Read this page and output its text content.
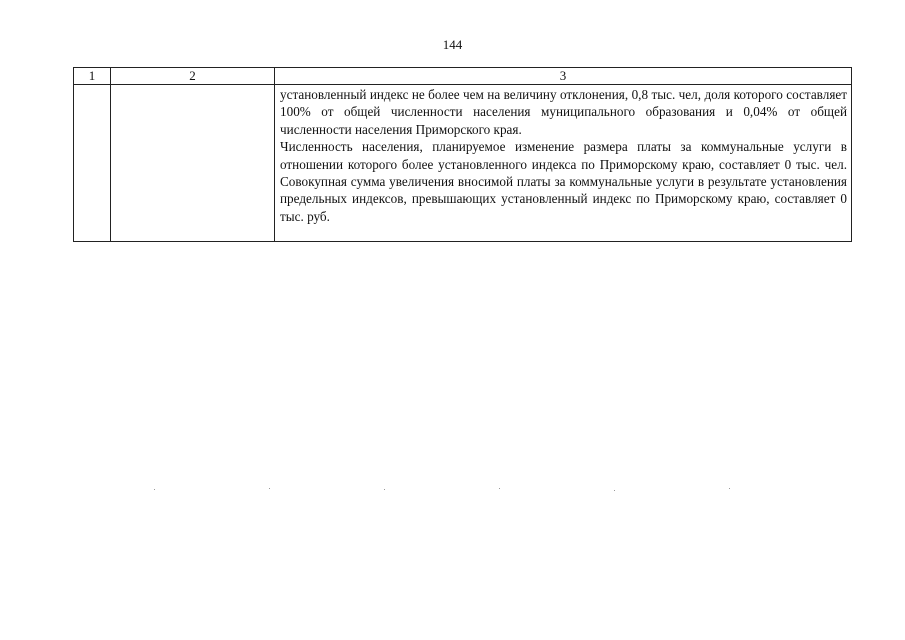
144
1	2	3

		установленный индекс не более чем на величину отклонения, 0,8 тыс. чел, доля которого составляет 100% от общей численности населения муниципального образования и 0,04% от общей численности населения Приморского края.

Численность населения, планируемое изменение размера платы за коммунальные услуги в отношении которого более установленного индекса по Приморскому краю, составляет 0 тыс. чел. Совокупная сумма увеличения вносимой платы за коммунальные услуги в результате установления предельных индексов, превышающих установленный индекс по Приморскому краю, составляет 0 тыс. руб.
